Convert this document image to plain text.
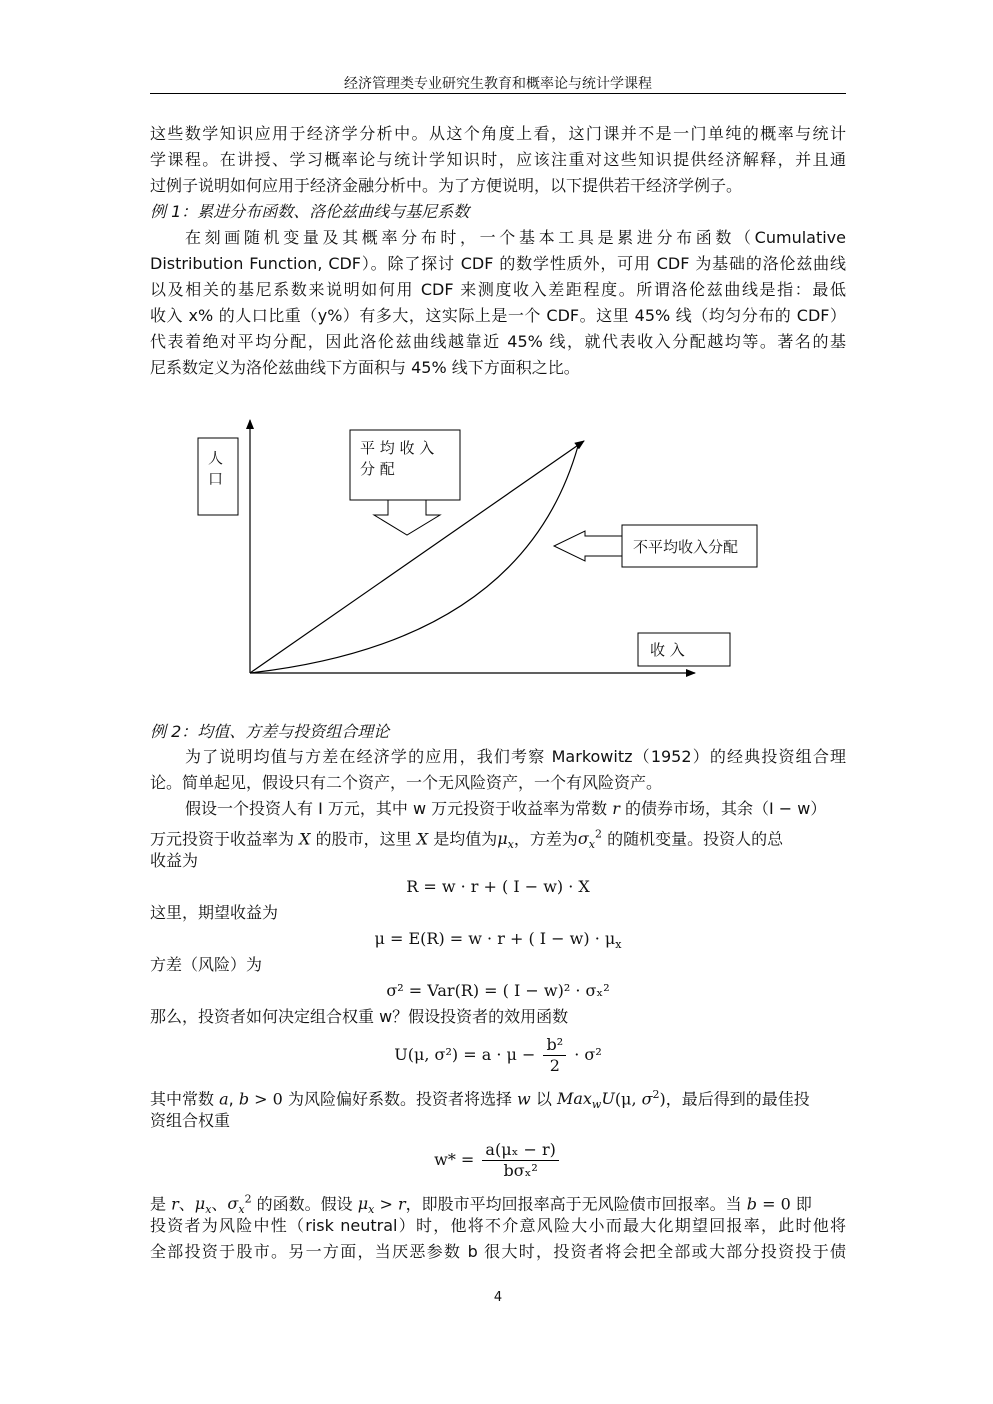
经济管理类专业研究生教育和概率论与统计学课程
这些数学知识应用于经济学分析中。从这个角度上看，这门课并不是一门单纯的概率与统计
学课程。在讲授、学习概率论与统计学知识时，应该注重对这些知识提供经济解释，并且通
过例子说明如何应用于经济金融分析中。为了方便说明，以下提供若干经济学例子。
例 1：累进分布函数、洛伦兹曲线与基尼系数
在刻画随机变量及其概率分布时，一个基本工具是累进分布函数（Cumulative
Distribution Function, CDF）。除了探讨 CDF 的数学性质外，可用 CDF 为基础的洛伦兹曲线
以及相关的基尼系数来说明如何用 CDF 来测度收入差距程度。所谓洛伦兹曲线是指：最低
收入 x% 的人口比重（y%）有多大，这实际上是一个 CDF。这里 45% 线（均匀分布的 CDF）
代表着绝对平均分配，因此洛伦兹曲线越靠近 45% 线，就代表收入分配越均等。著名的基
尼系数定义为洛伦兹曲线下方面积与 45% 线下方面积之比。
人
口
平 均 收 入
分 配
不平均收入分配
收 入
例 2：均值、方差与投资组合理论
为了说明均值与方差在经济学的应用，我们考察 Markowitz（1952）的经典投资组合理
论。简单起见，假设只有二个资产，一个无风险资产，一个有风险资产。
假设一个投资人有 I 万元，其中 w 万元投资于收益率为常数 r 的债券市场，其余（I − w）
万元投资于收益率为 X 的股市，这里 X 是均值为$\mu_x$，方差为$\sigma_x^2$ 的随机变量。投资人的总
收益为
R = w · r + ( I − w) · X
这里，期望收益为
μ = E(R) = w · r + ( $I - w) \cdot \mu_x$
方差（风险）为
σ² = Var(R) = ( I − w)² · σₓ²
那么，投资者如何决定组合权重 w？假设投资者的效用函数
U(μ, $\sigma^2) = a \cdot \mu - \frac{\text{b²}}{2} \cdot \sigma^2$
其中常数 a, b > 0 为风险偏好系数。投资者将选择 w 以 Max$_w$U(μ, $\sigma^2$)，最后得到的最佳投
资组合权重
$w* = \frac{\text{a(μₓ − r)}}{\text{bσₓ²}}$
是 r、$\mu_x$、$\sigma_x^2$ 的函数。假设 $\mu_x > r$，即股市平均回报率高于无风险债市回报率。当 b = 0 即
投资者为风险中性（risk neutral）时，他将不介意风险大小而最大化期望回报率，此时他将
全部投资于股市。另一方面，当厌恶参数 b 很大时，投资者将会把全部或大部分投资投于债
4
